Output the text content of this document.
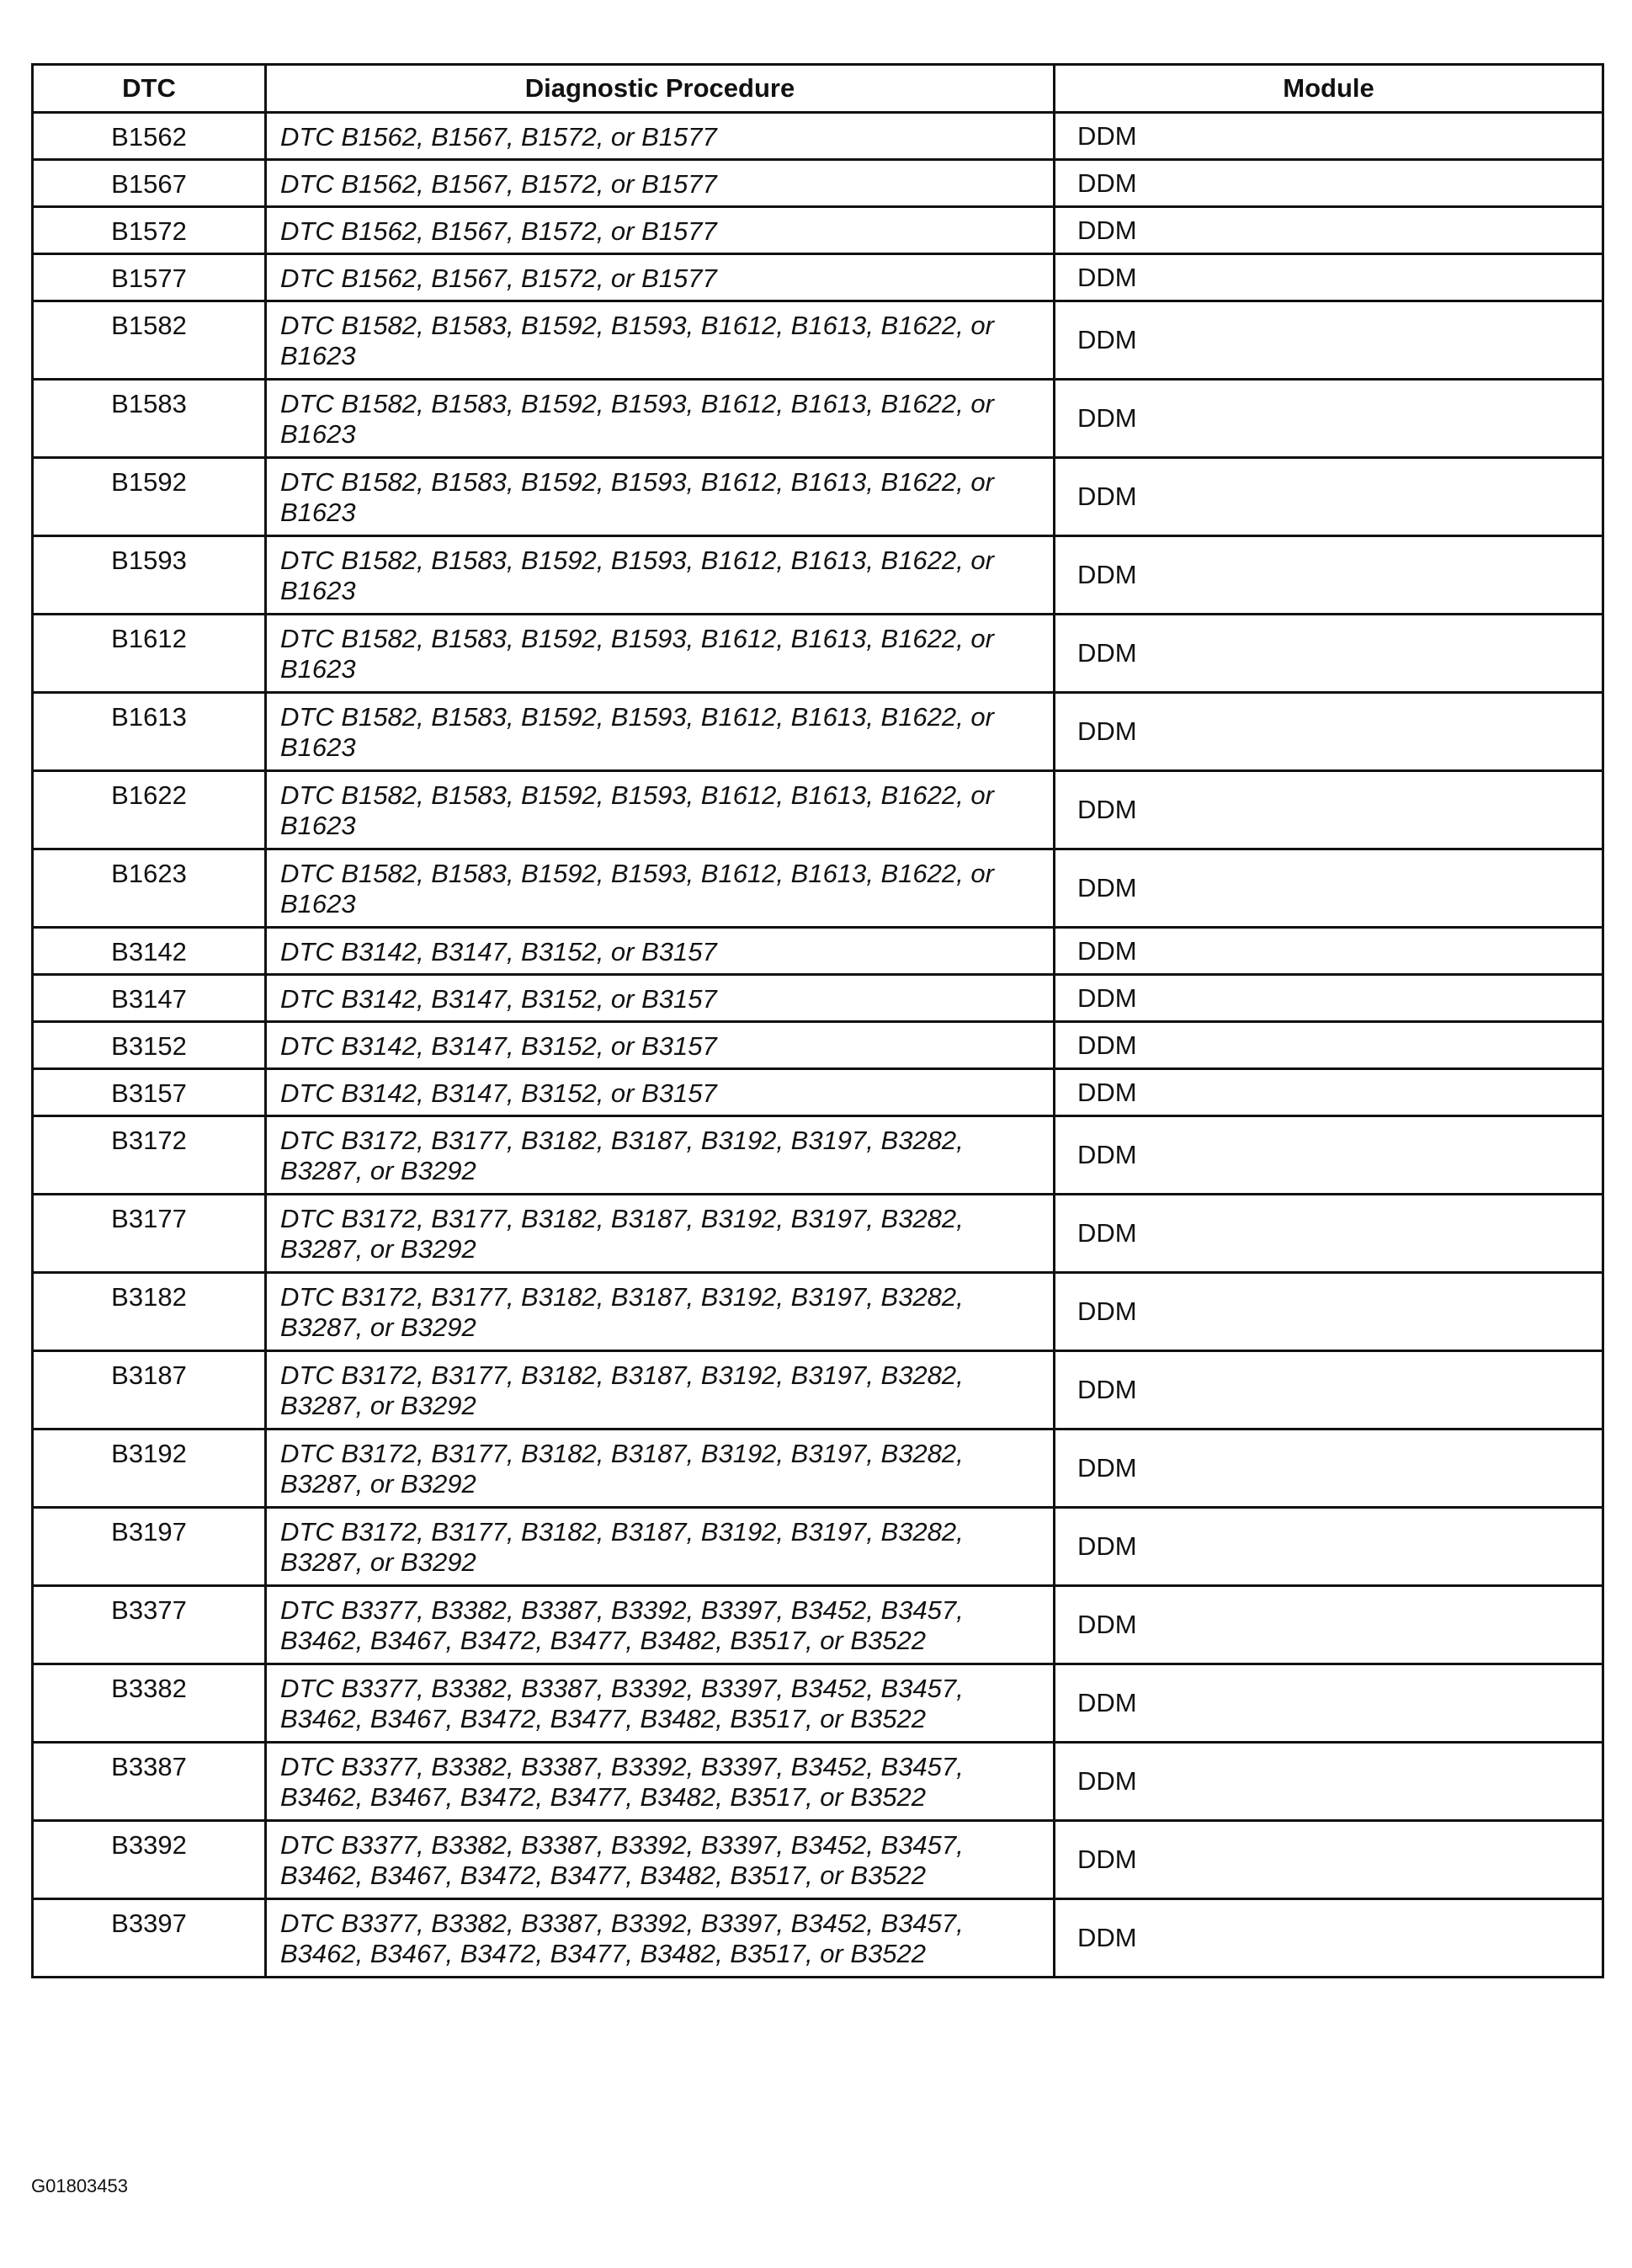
DTC	Diagnostic Procedure	Module
B1562	DTC B1562, B1567, B1572, or B1577	DDM
B1567	DTC B1562, B1567, B1572, or B1577	DDM
B1572	DTC B1562, B1567, B1572, or B1577	DDM
B1577	DTC B1562, B1567, B1572, or B1577	DDM
B1582	DTC B1582, B1583, B1592, B1593, B1612, B1613, B1622, or B1623	DDM
B1583	DTC B1582, B1583, B1592, B1593, B1612, B1613, B1622, or B1623	DDM
B1592	DTC B1582, B1583, B1592, B1593, B1612, B1613, B1622, or B1623	DDM
B1593	DTC B1582, B1583, B1592, B1593, B1612, B1613, B1622, or B1623	DDM
B1612	DTC B1582, B1583, B1592, B1593, B1612, B1613, B1622, or B1623	DDM
B1613	DTC B1582, B1583, B1592, B1593, B1612, B1613, B1622, or B1623	DDM
B1622	DTC B1582, B1583, B1592, B1593, B1612, B1613, B1622, or B1623	DDM
B1623	DTC B1582, B1583, B1592, B1593, B1612, B1613, B1622, or B1623	DDM
B3142	DTC B3142, B3147, B3152, or B3157	DDM
B3147	DTC B3142, B3147, B3152, or B3157	DDM
B3152	DTC B3142, B3147, B3152, or B3157	DDM
B3157	DTC B3142, B3147, B3152, or B3157	DDM
B3172	DTC B3172, B3177, B3182, B3187, B3192, B3197, B3282, B3287, or B3292	DDM
B3177	DTC B3172, B3177, B3182, B3187, B3192, B3197, B3282, B3287, or B3292	DDM
B3182	DTC B3172, B3177, B3182, B3187, B3192, B3197, B3282, B3287, or B3292	DDM
B3187	DTC B3172, B3177, B3182, B3187, B3192, B3197, B3282, B3287, or B3292	DDM
B3192	DTC B3172, B3177, B3182, B3187, B3192, B3197, B3282, B3287, or B3292	DDM
B3197	DTC B3172, B3177, B3182, B3187, B3192, B3197, B3282, B3287, or B3292	DDM
B3377	DTC B3377, B3382, B3387, B3392, B3397, B3452, B3457, B3462, B3467, B3472, B3477, B3482, B3517, or B3522	DDM
B3382	DTC B3377, B3382, B3387, B3392, B3397, B3452, B3457, B3462, B3467, B3472, B3477, B3482, B3517, or B3522	DDM
B3387	DTC B3377, B3382, B3387, B3392, B3397, B3452, B3457, B3462, B3467, B3472, B3477, B3482, B3517, or B3522	DDM
B3392	DTC B3377, B3382, B3387, B3392, B3397, B3452, B3457, B3462, B3467, B3472, B3477, B3482, B3517, or B3522	DDM
B3397	DTC B3377, B3382, B3387, B3392, B3397, B3452, B3457, B3462, B3467, B3472, B3477, B3482, B3517, or B3522	DDM
G01803453
